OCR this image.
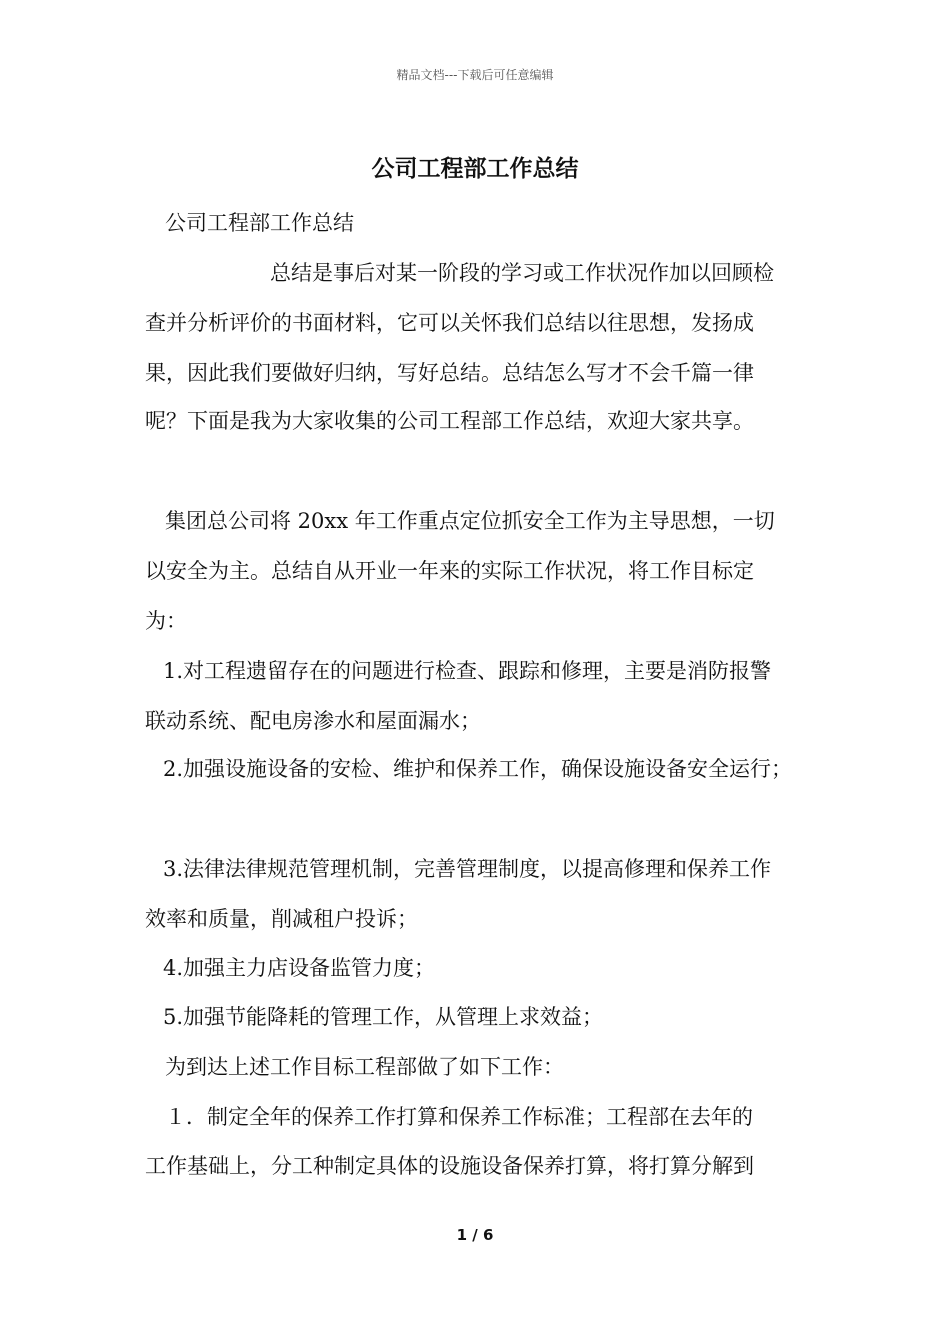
精品文档---下载后可任意编辑
公司工程部工作总结
公司工程部工作总结
总结是事后对某一阶段的学习或工作状况作加以回顾检
查并分析评价的书面材料，它可以关怀我们总结以往思想，发扬成
果，因此我们要做好归纳，写好总结。总结怎么写才不会千篇一律
呢？下面是我为大家收集的公司工程部工作总结，欢迎大家共享。
集团总公司将 20xx 年工作重点定位抓安全工作为主导思想，一切
以安全为主。总结自从开业一年来的实际工作状况，将工作目标定
为：
1.对工程遗留存在的问题进行检查、跟踪和修理，主要是消防报警
联动系统、配电房渗水和屋面漏水；
2.加强设施设备的安检、维护和保养工作，确保设施设备安全运行；
3.法律法律规范管理机制，完善管理制度，以提高修理和保养工作
效率和质量，削减租户投诉；
4.加强主力店设备监管力度；
5.加强节能降耗的管理工作，从管理上求效益；
为到达上述工作目标工程部做了如下工作：
１．制定全年的保养工作打算和保养工作标准；工程部在去年的
工作基础上，分工种制定具体的设施设备保养打算，将打算分解到
1 / 6
